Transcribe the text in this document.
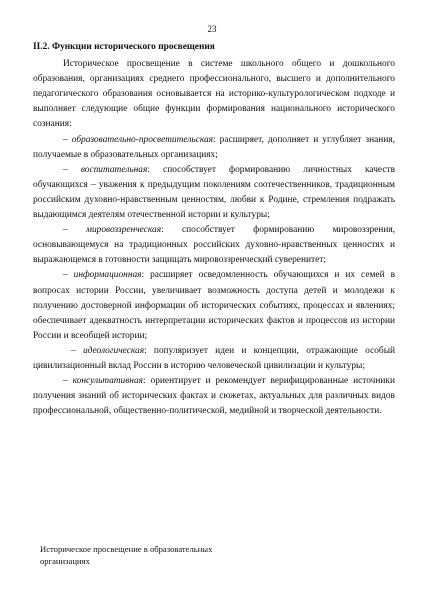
23
II.2. Функции исторического просвещения

Историческое просвещение в системе школьного общего и дошкольного образования, организациях среднего профессионального, высшего и дополнительного педагогического образования основывается на историко-культурологическом подходе и выполняет следующие общие функции формирования национального исторического сознания:

– образовательно-просветительская: расширяет, дополняет и углубляет знания, получаемые в образовательных организациях;

– воспитательная: способствует формированию личностных качеств обучающихся – уважения к предыдущим поколениям соотечественников, традиционным российским духовно-нравственным ценностям, любви к Родине, стремления подражать выдающимся деятелям отечественной истории и культуры;

– мировоззренческая: способствует формированию мировоззрения, основывающемуся на традиционных российских духовно-нравственных ценностях и выражающемся в готовности защищать мировоззренческий суверенитет;

– информационная: расширяет осведомленность обучающихся и их семей в вопросах истории России, увеличивает возможность доступа детей и молодежи к получению достоверной информации об исторических событиях, процессах и явлениях; обеспечивает адекватность интерпретации исторических фактов и процессов из истории России и всеобщей истории;

– идеологическая: популяризует идеи и концепции, отражающие особый цивилизационный вклад России в историю человеческой цивилизации и культуры;

– консультативная: ориентирует и рекомендует верифицированные источники получения знаний об исторических фактах и сюжетах, актуальных для различных видов профессиональной, общественно-политической, медийной и творческой деятельности.

Историческое просвещение в образовательных организациях
